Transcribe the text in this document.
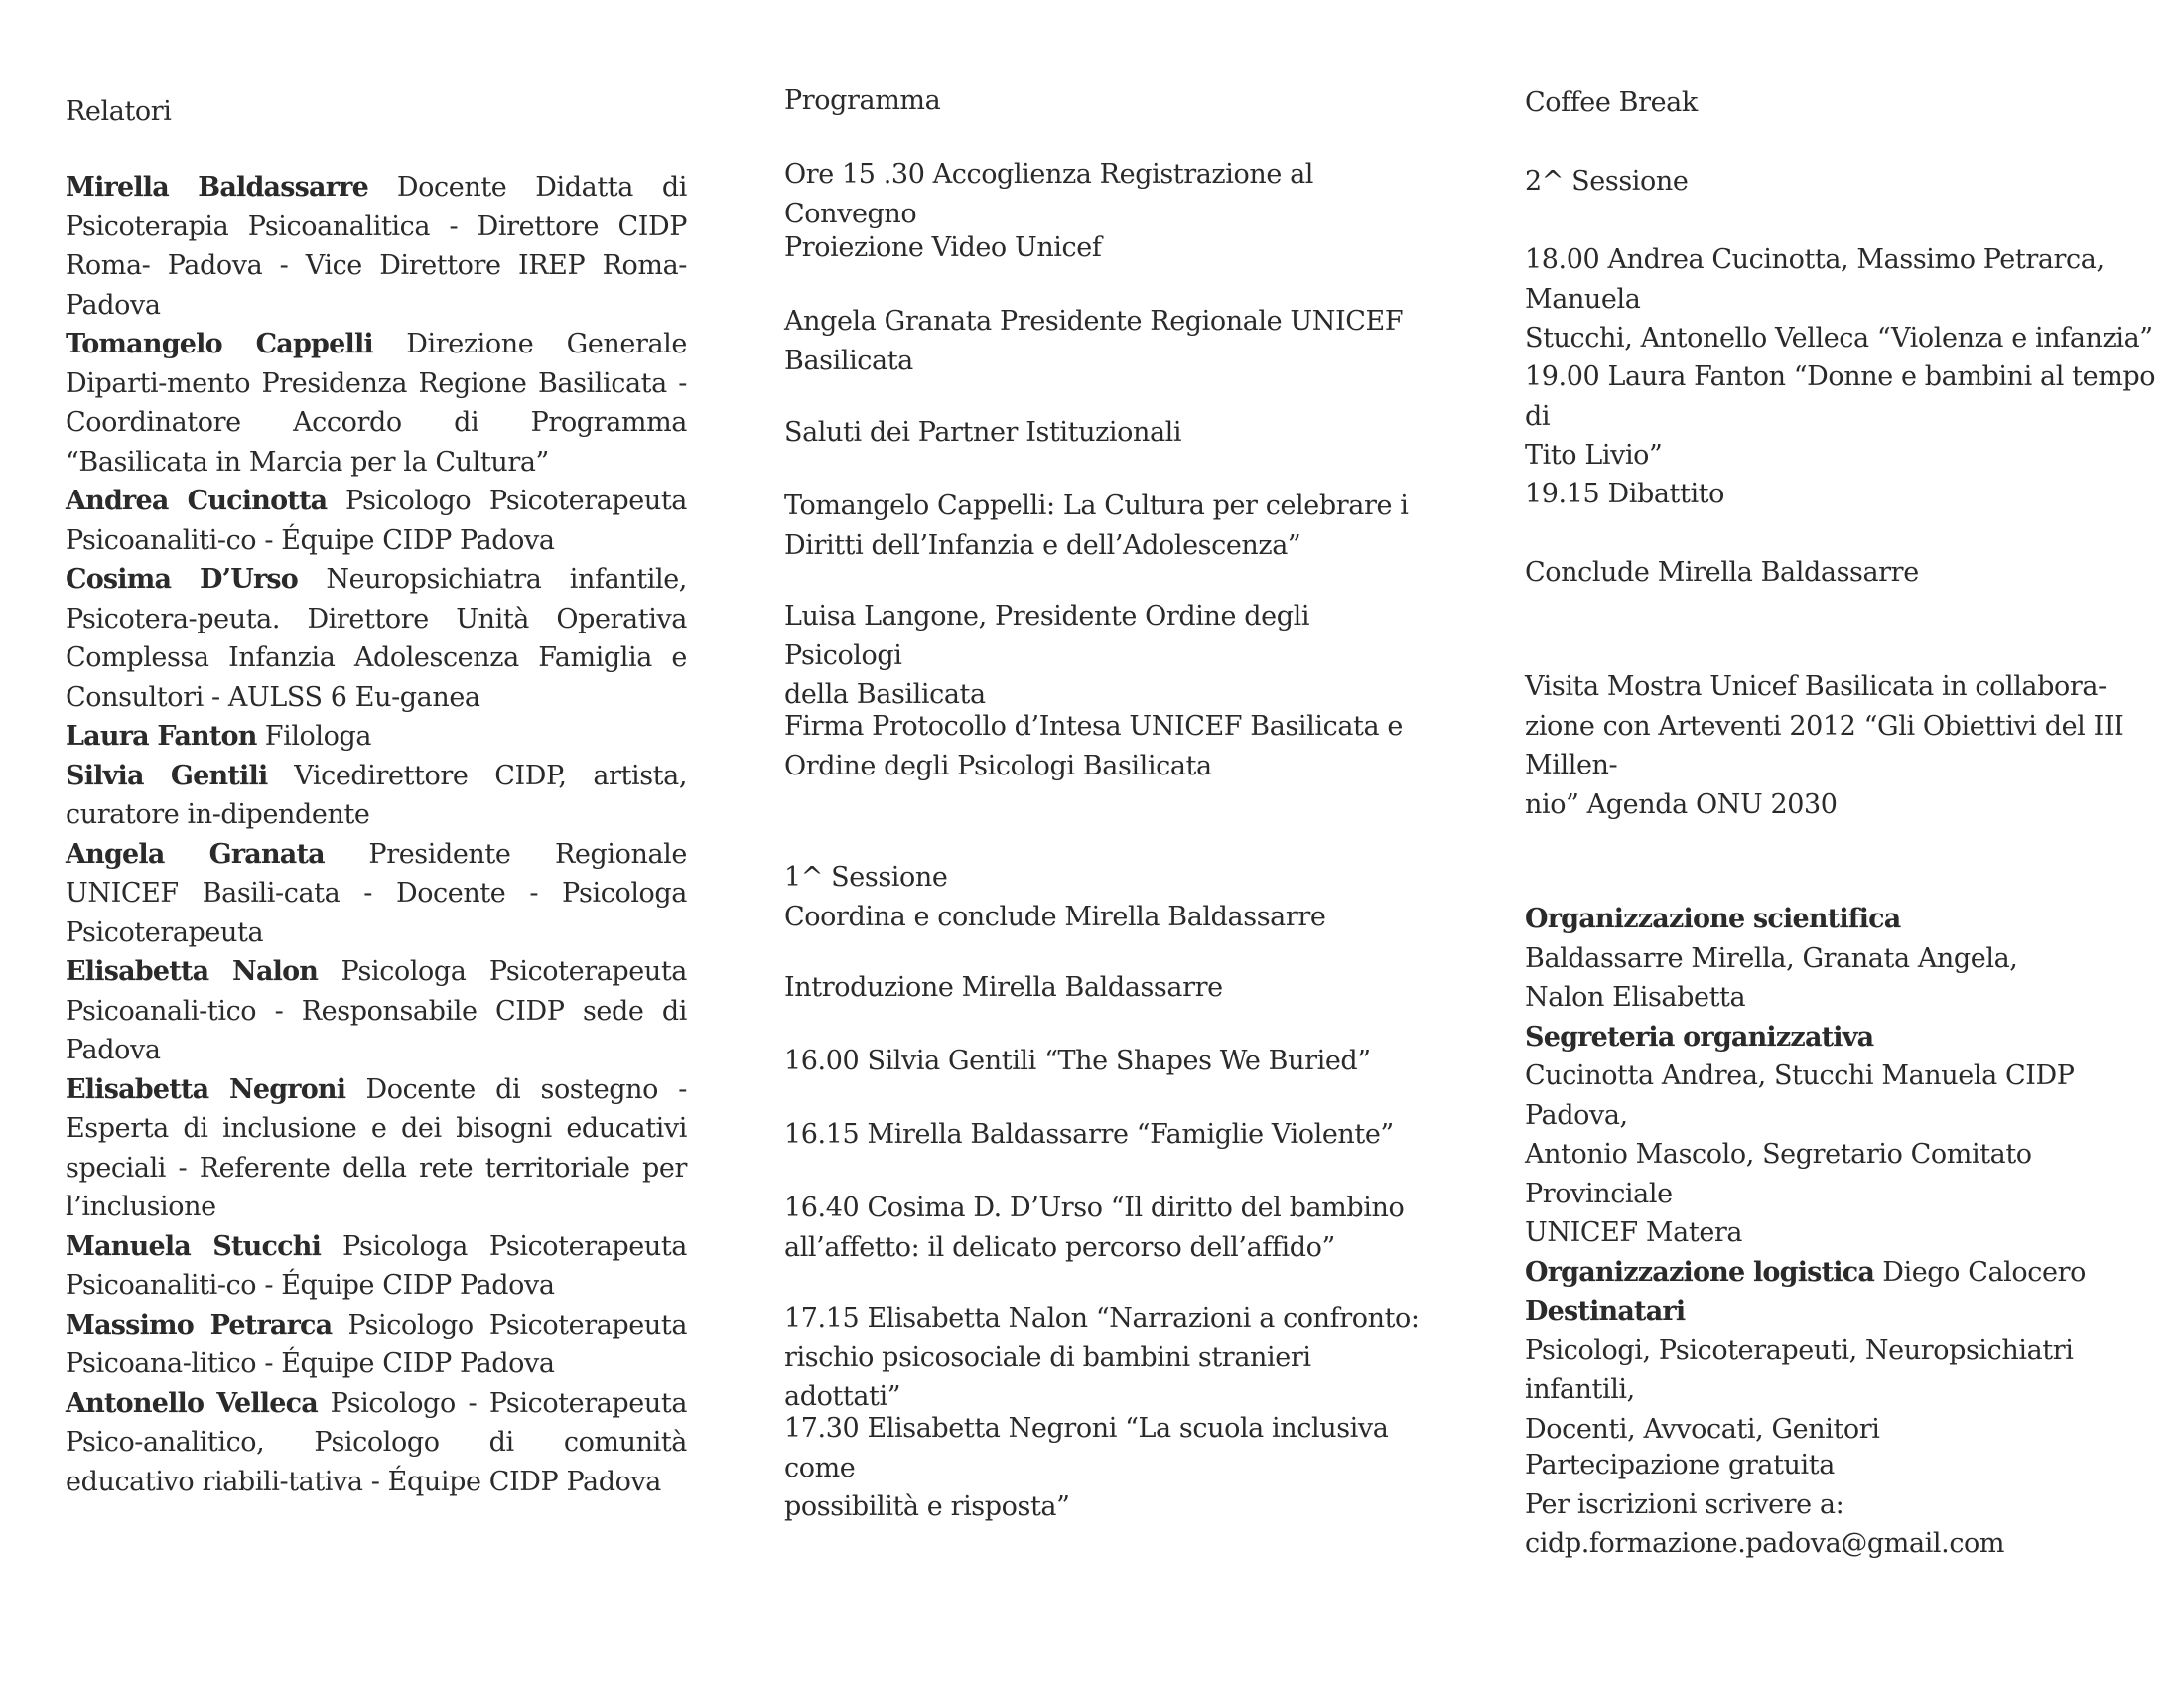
Relatori
Mirella Baldassarre Docente Didatta di Psicoterapia Psicoanalitica - Direttore CIDP Roma- Padova - Vice Direttore IREP Roma-Padova
Tomangelo Cappelli Direzione Generale Diparti-mento Presidenza Regione Basilicata - Coordinatore Accordo di Programma “Basilicata in Marcia per la Cultura”
Andrea Cucinotta Psicologo Psicoterapeuta Psicoanaliti-co - Équipe CIDP Padova
Cosima D’Urso Neuropsichiatra infantile, Psicotera-peuta. Direttore Unità Operativa Complessa Infanzia Adolescenza Famiglia e Consultori - AULSS 6 Eu-ganea
Laura Fanton Filologa
Silvia Gentili Vicedirettore CIDP, artista, curatore in-dipendente
Angela Granata Presidente Regionale UNICEF Basili-cata - Docente - Psicologa Psicoterapeuta
Elisabetta Nalon Psicologa Psicoterapeuta Psicoanali-tico - Responsabile CIDP sede di Padova
Elisabetta Negroni Docente di sostegno - Esperta di inclusione e dei bisogni educativi speciali - Referente della rete territoriale per l’inclusione
Manuela Stucchi Psicologa Psicoterapeuta Psicoanaliti-co - Équipe CIDP Padova
Massimo Petrarca Psicologo Psicoterapeuta Psicoana-litico - Équipe CIDP Padova
Antonello Velleca Psicologo - Psicoterapeuta Psico-analitico, Psicologo di comunità educativo riabili-tativa - Équipe CIDP Padova
Programma

Ore 15 .30 Accoglienza Registrazione al Convegno

Proiezione Video Unicef

Angela Granata Presidente Regionale UNICEF
Basilicata

Saluti dei Partner Istituzionali

Tomangelo Cappelli: La Cultura per celebrare i
Diritti dell’Infanzia e dell’Adolescenza”

Luisa Langone, Presidente Ordine degli Psicologi
della Basilicata

Firma Protocollo d’Intesa UNICEF Basilicata e
Ordine degli Psicologi Basilicata

1^ Sessione
Coordina e conclude Mirella Baldassarre

Introduzione Mirella Baldassarre

16.00 Silvia Gentili “The Shapes We Buried”

16.15 Mirella Baldassarre “Famiglie Violente”

16.40 Cosima D. D’Urso “Il diritto del bambino
all’affetto: il delicato percorso dell’affido”

17.15 Elisabetta Nalon “Narrazioni a confronto:
rischio psicosociale di bambini stranieri adottati”

17.30 Elisabetta Negroni “La scuola inclusiva come
possibilità e risposta”

Coffee Break

2^ Sessione

18.00 Andrea Cucinotta, Massimo Petrarca, Manuela
Stucchi, Antonello Velleca “Violenza e infanzia”

19.00 Laura Fanton “Donne e bambini al tempo di
Tito Livio”

19.15 Dibattito

Conclude Mirella Baldassarre

Visita Mostra Unicef Basilicata in collabora-
zione con Arteventi 2012 “Gli Obiettivi del III Millen-
nio” Agenda ONU 2030

Organizzazione scientifica

Baldassarre Mirella, Granata Angela,
Nalon Elisabetta

Segreteria organizzativa

Cucinotta Andrea, Stucchi Manuela CIDP Padova,
Antonio Mascolo, Segretario Comitato Provinciale
UNICEF Matera

Organizzazione logistica Diego Calocero

Destinatari

Psicologi, Psicoterapeuti, Neuropsichiatri infantili,
Docenti, Avvocati, Genitori

Partecipazione gratuita

Per iscrizioni scrivere a:

cidp.formazione.padova@gmail.com
